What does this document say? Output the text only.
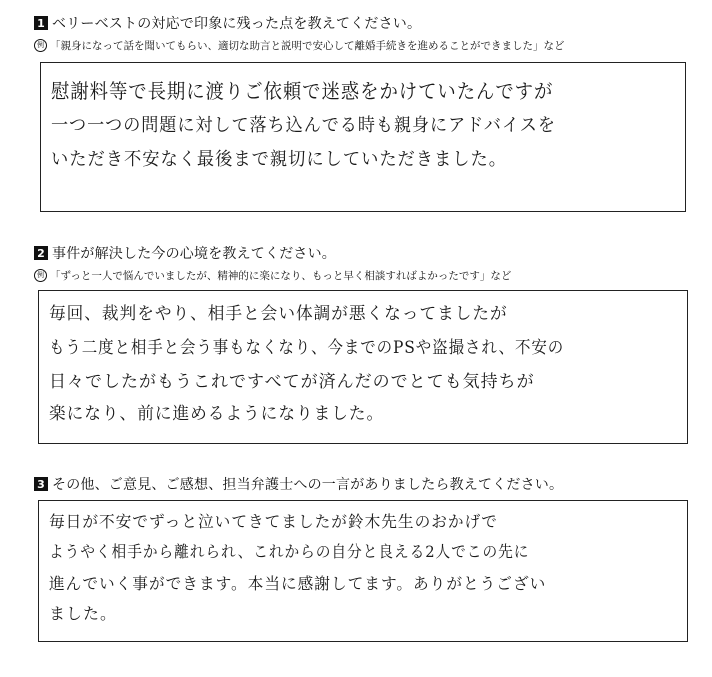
1 ベリーベストの対応で印象に残った点を教えてください。
例 「親身になって話を聞いてもらい、適切な助言と説明で安心して離婚手続きを進めることができました」など
慰謝料等で長期に渡りご依頼で迷惑をかけていたんですが
一つ一つの問題に対して落ち込んでる時も親身にアドバイスを
いただき不安なく最後まで親切にしていただきました。
2 事件が解決した今の心境を教えてください。
例 「ずっと一人で悩んでいましたが、精神的に楽になり、もっと早く相談すればよかったです」など
毎回、裁判をやり、相手と会い体調が悪くなってましたが
もう二度と相手と会う事もなくなり、今までのPSや盗撮され、不安の
日々でしたがもうこれですべてが済んだのでとても気持ちが
楽になり、前に進めるようになりました。
3 その他、ご意見、ご感想、担当弁護士への一言がありましたら教えてください。
毎日が不安でずっと泣いてきてましたが鈴木先生のおかげで
ようやく相手から離れられ、これからの自分と良える2人でこの先に
進んでいく事ができます。本当に感謝してます。ありがとうござい
ました。
